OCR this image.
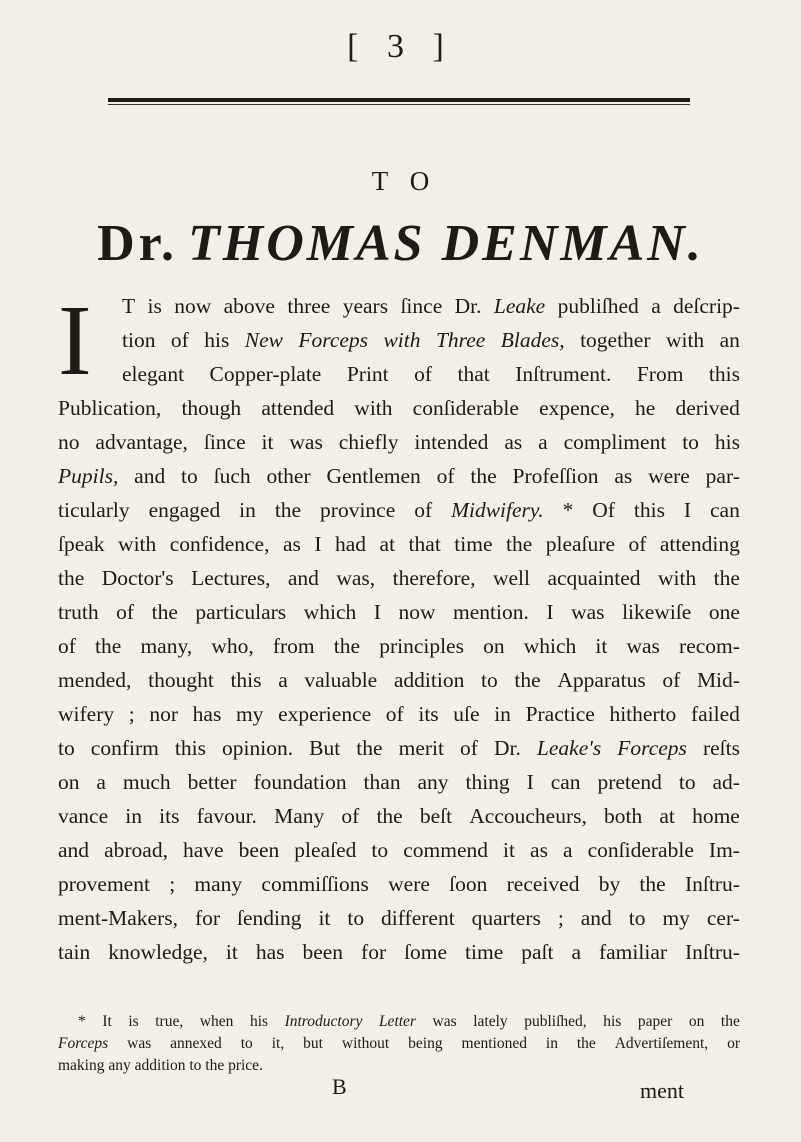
[ 3 ]
TO
Dr. THOMAS DENMAN.
I T is now above three years ſince Dr. Leake publiſhed a deſcrip-
tion of his New Forceps with Three Blades, together with an
elegant Copper-plate Print of that Inſtrument. From this
Publication, though attended with conſiderable expence, he derived
no advantage, ſince it was chiefly intended as a compliment to his
Pupils, and to ſuch other Gentlemen of the Profeſſion as were par-
ticularly engaged in the province of Midwifery. * Of this I can
ſpeak with confidence, as I had at that time the pleaſure of attending
the Doctor's Lectures, and was, therefore, well acquainted with the
truth of the particulars which I now mention. I was likewiſe one
of the many, who, from the principles on which it was recom-
mended, thought this a valuable addition to the Apparatus of Mid-
wifery ; nor has my experience of its uſe in Practice hitherto failed
to confirm this opinion. But the merit of Dr. Leake's Forceps reſts
on a much better foundation than any thing I can pretend to ad-
vance in its favour. Many of the beſt Accoucheurs, both at home
and abroad, have been pleaſed to commend it as a conſiderable Im-
provement ; many commiſſions were ſoon received by the Inſtru-
ment-Makers, for ſending it to different quarters ; and to my cer-
tain knowledge, it has been for ſome time paſt a familiar Inſtru-
* It is true, when his Introductory Letter was lately publiſhed, his paper on the
Forceps was annexed to it, but without being mentioned in the Advertiſement, or
making
any
addition
to
the
price.
B	ment
